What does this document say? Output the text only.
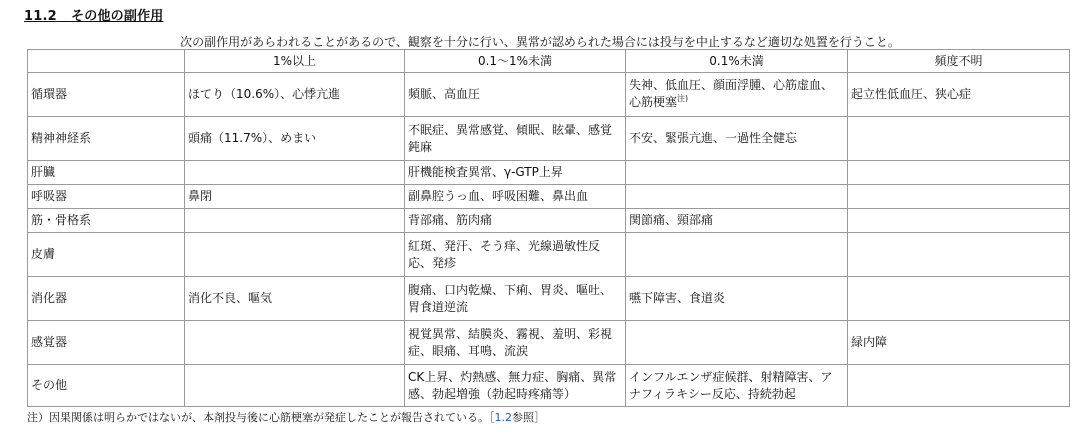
11.2 その他の副作用
次の副作用があらわれることがあるので、観察を十分に行い、異常が認められた場合には投与を中止するなど適切な処置を行うこと。
	1%以上	0.1～1%未満	0.1%未満	頻度不明
循環器	ほてり（10.6%）、心悸亢進	頻脈、高血圧	失神、低血圧、顔面浮腫、心筋虚血、心筋梗塞$^{注)}$	起立性低血圧、狭心症
精神神経系	頭痛（11.7%）、めまい	不眠症、異常感覚、傾眠、眩暈、感覚鈍麻	不安、緊張亢進、一過性全健忘	
肝臓		肝機能検査異常、γ-GTP上昇		
呼吸器	鼻閉	副鼻腔うっ血、呼吸困難、鼻出血		
筋・骨格系		背部痛、筋肉痛	関節痛、頸部痛	
皮膚		紅斑、発汗、そう痒、光線過敏性反応、発疹		
消化器	消化不良、嘔気	腹痛、口内乾燥、下痢、胃炎、嘔吐、胃食道逆流	嚥下障害、食道炎	
感覚器		視覚異常、結膜炎、霧視、羞明、彩視症、眼痛、耳鳴、流涙		緑内障
その他		CK上昇、灼熱感、無力症、胸痛、異常感、勃起増強（勃起時疼痛等）	インフルエンザ症候群、射精障害、アナフィラキシー反応、持続勃起	
注）因果関係は明らかではないが、本剤投与後に心筋梗塞が発症したことが報告されている。［1.2参照］
